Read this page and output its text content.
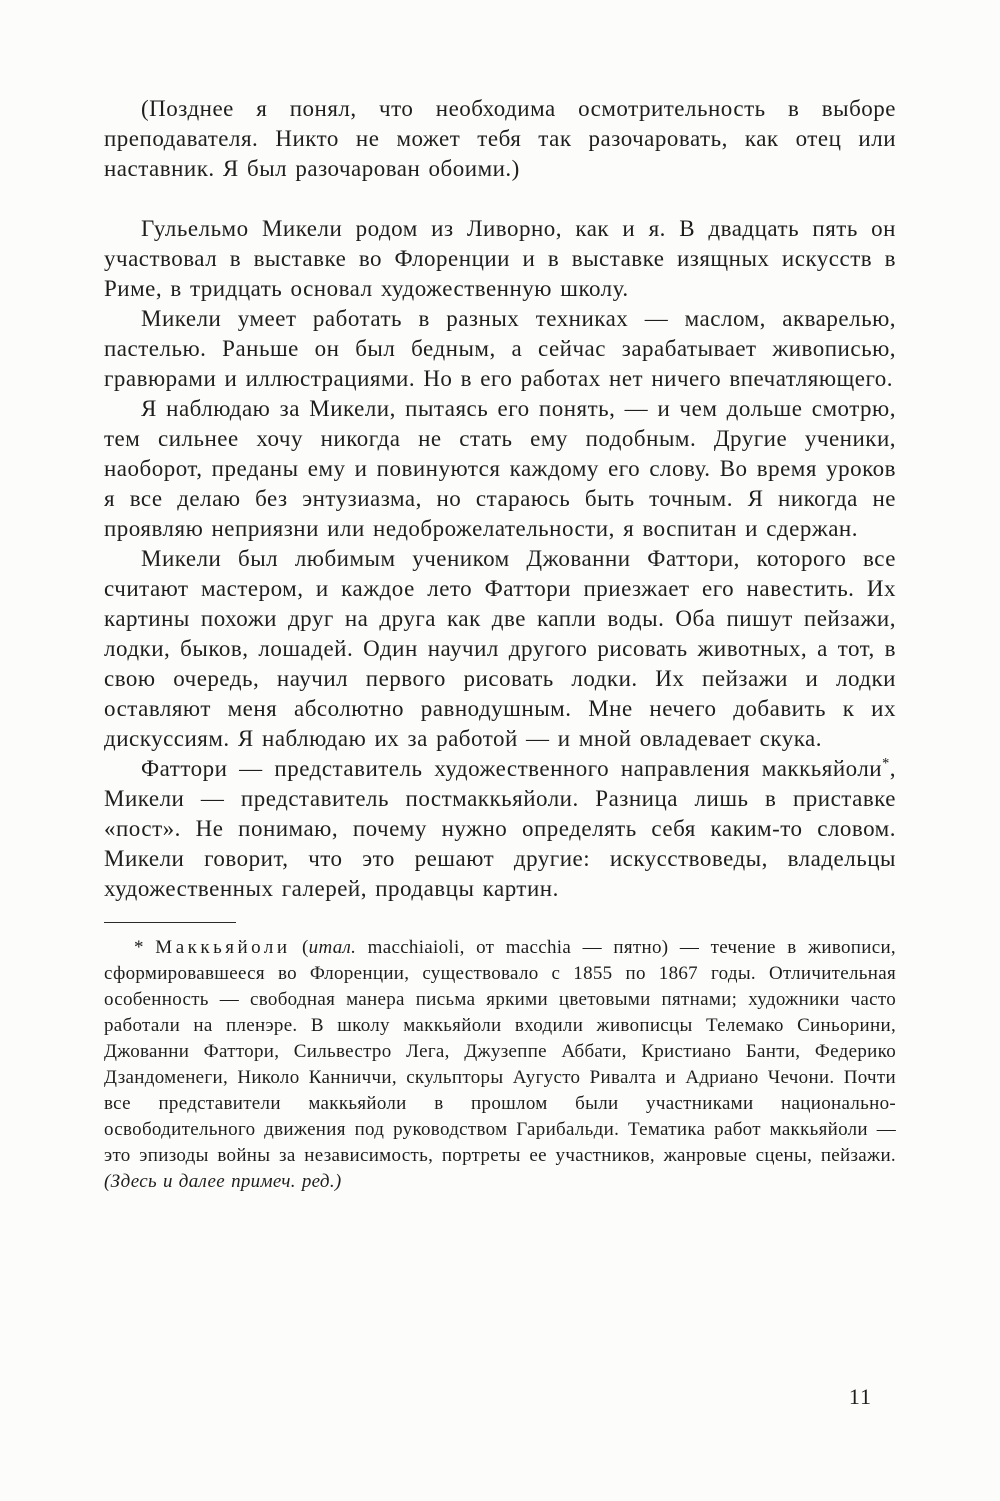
(Позднее я понял, что необходима осмотрительность в выборе преподавателя. Никто не может тебя так разочаровать, как отец или наставник. Я был разочарован обоими.)

Гульельмо Микели родом из Ливорно, как и я. В двадцать пять он участвовал в выставке во Флоренции и в выставке изящных искусств в Риме, в тридцать основал художественную школу.

Микели умеет работать в разных техниках — маслом, акварелью, пастелью. Раньше он был бедным, а сейчас зарабатывает живописью, гравюрами и иллюстрациями. Но в его работах нет ничего впечатляющего.

Я наблюдаю за Микели, пытаясь его понять, — и чем дольше смотрю, тем сильнее хочу никогда не стать ему подобным. Другие ученики, наоборот, преданы ему и повинуются каждому его слову. Во время уроков я все делаю без энтузиазма, но стараюсь быть точным. Я никогда не проявляю неприязни или недоброжелательности, я воспитан и сдержан.

Микели был любимым учеником Джованни Фаттори, которого все считают мастером, и каждое лето Фаттори приезжает его навестить. Их картины похожи друг на друга как две капли воды. Оба пишут пейзажи, лодки, быков, лошадей. Один научил другого рисовать животных, а тот, в свою очередь, научил первого рисовать лодки. Их пейзажи и лодки оставляют меня абсолютно равнодушным. Мне нечего добавить к их дискуссиям. Я наблюдаю их за работой — и мной овладевает скука.

Фаттори — представитель художественного направления маккьяйоли*, Микели — представитель постмаккьяйоли. Разница лишь в приставке «пост». Не понимаю, почему нужно определять себя каким-то словом. Микели говорит, что это решают другие: искусствоведы, владельцы художественных галерей, продавцы картин.

* Маккьяйоли (итал. macchiaioli, от macchia — пятно) — течение в живописи, сформировавшееся во Флоренции, существовало с 1855 по 1867 годы. Отличительная особенность — свободная манера письма яркими цветовыми пятнами; художники часто работали на пленэре. В школу маккьяйоли входили живописцы Телемако Синьорини, Джованни Фаттори, Сильвестро Лега, Джузеппе Аббати, Кристиано Банти, Федерико Дзандоменеги, Николо Канниччи, скульпторы Аугусто Ривалта и Адриано Чечони. Почти все представители маккьяйоли в прошлом были участниками национально-освободительного движения под руководством Гарибальди. Тематика работ маккьяйоли — это эпизоды войны за независимость, портреты ее участников, жанровые сцены, пейзажи. (Здесь и далее примеч. ред.)

11
